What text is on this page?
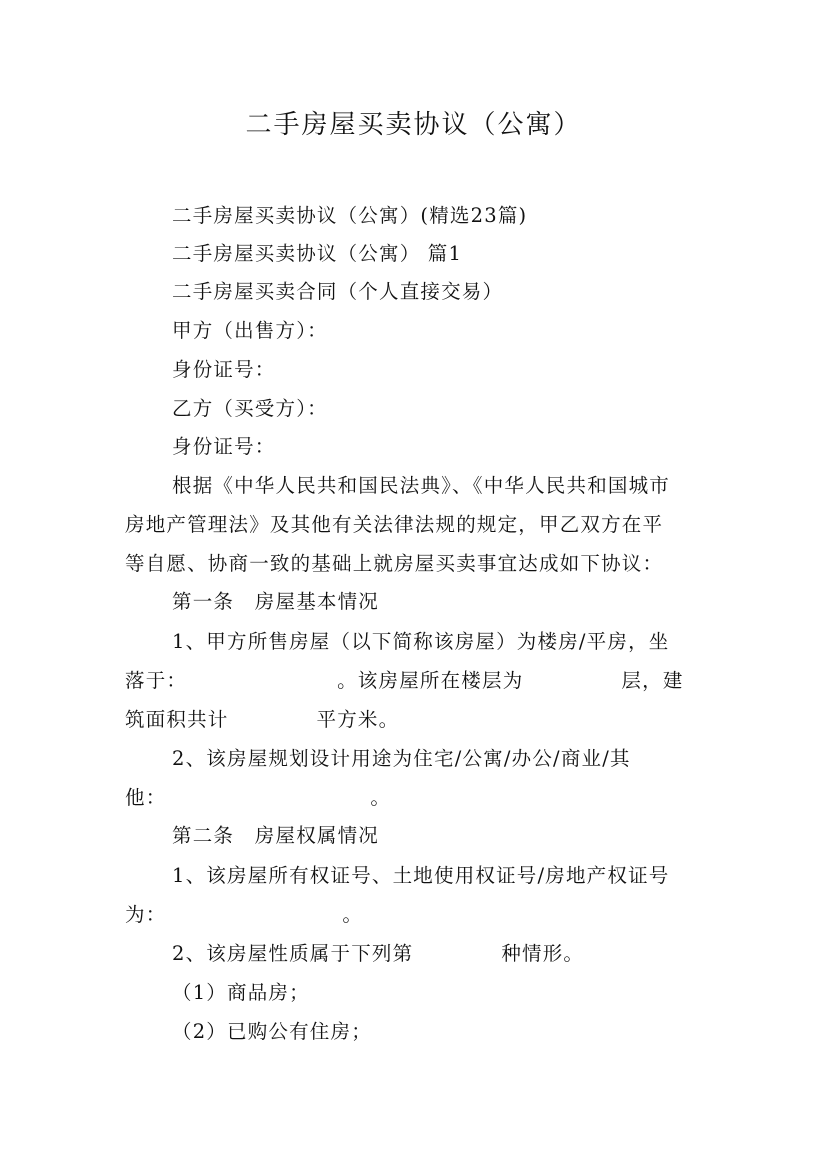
二手房屋买卖协议（公寓）
二手房屋买卖协议（公寓）(精选23篇)
二手房屋买卖协议（公寓） 篇1
二手房屋买卖合同（个人直接交易）
甲方（出售方）：
身份证号：
乙方（买受方）：
身份证号：
根据《中华人民共和国民法典》、《中华人民共和国城市
房地产管理法》及其他有关法律法规的规定，甲乙双方在平
等自愿、协商一致的基础上就房屋买卖事宜达成如下协议：
第一条　房屋基本情况
1、甲方所售房屋（以下简称该房屋）为楼房/平房，坐
落于：	。该房屋所在楼层为	层，建
筑面积共计	平方米。
2、该房屋规划设计用途为住宅/公寓/办公/商业/其
他：	。
第二条　房屋权属情况
1、该房屋所有权证号、土地使用权证号/房地产权证号
为：	。
2、该房屋性质属于下列第	种情形。
（1）商品房；
（2）已购公有住房；
